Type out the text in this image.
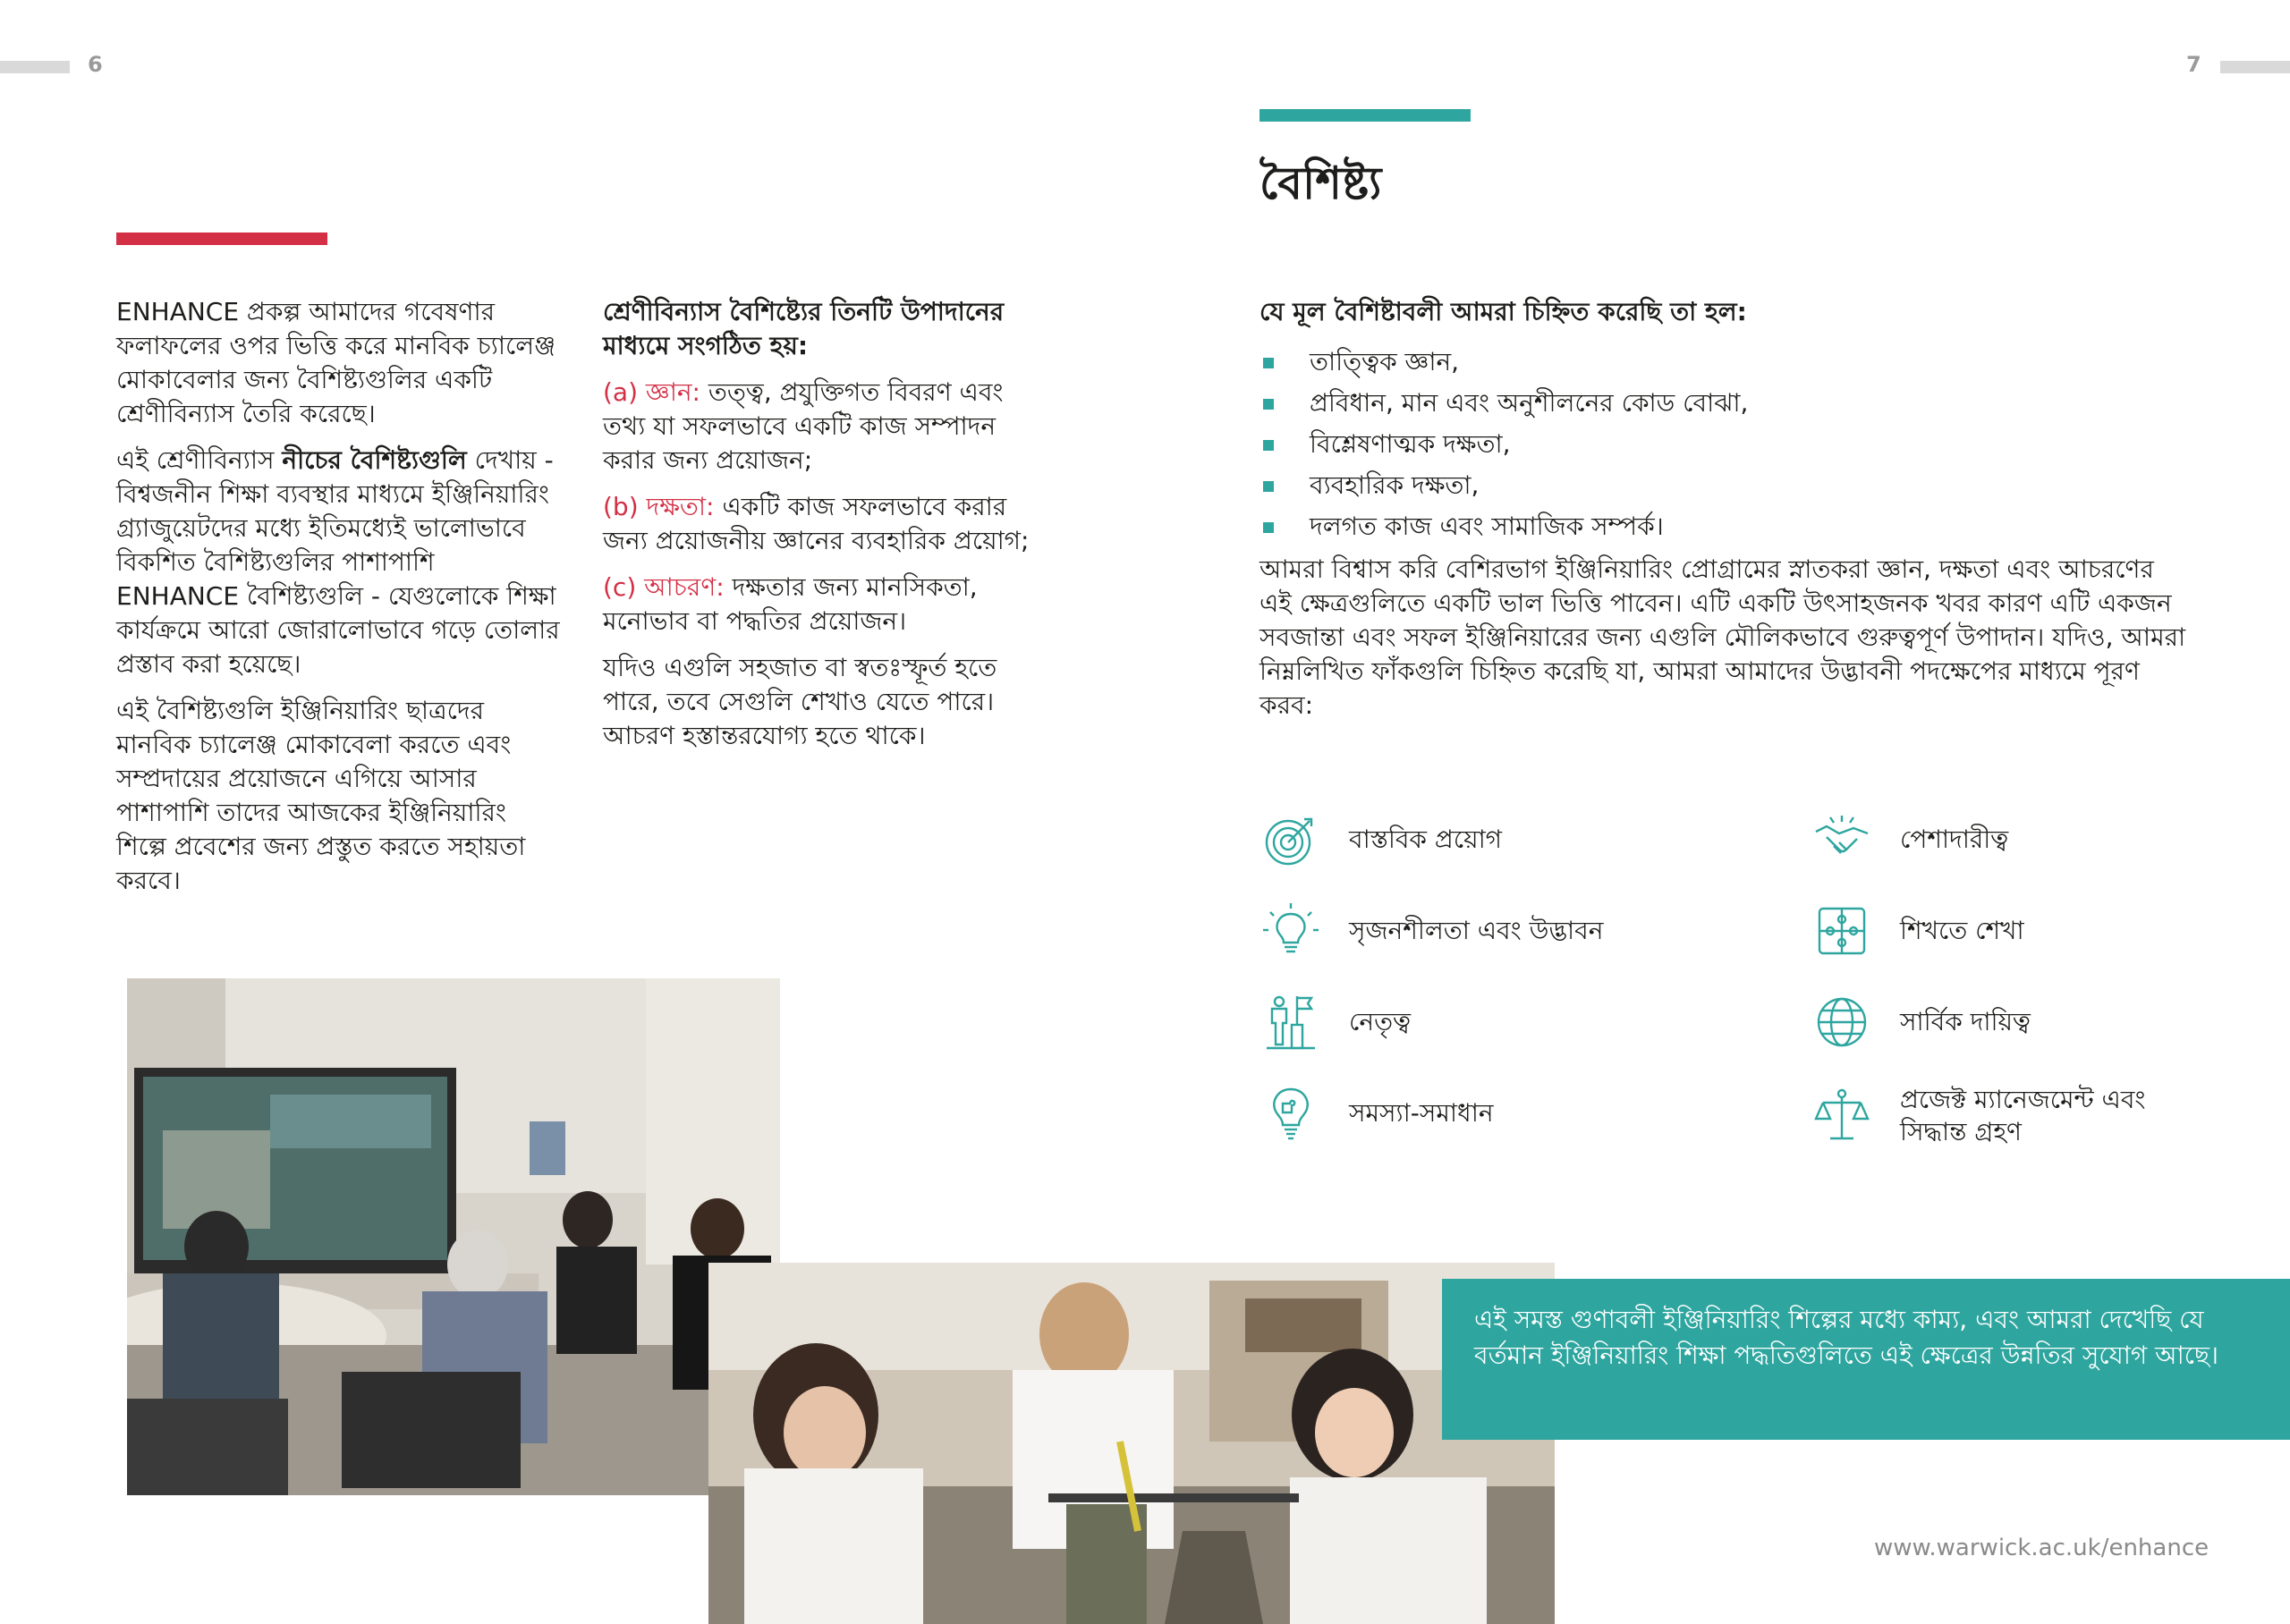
6	7

ENHANCE প্রকল্প আমাদের গবেষণার ফলাফলের ওপর ভিত্তি করে মানবিক চ্যালেঞ্জ মোকাবেলার জন্য বৈশিষ্ট্যগুলির একটি শ্রেণীবিন্যাস তৈরি করেছে।

এই শ্রেণীবিন্যাস নীচের বৈশিষ্ট্যগুলি দেখায় - বিশ্বজনীন শিক্ষা ব্যবস্থার মাধ্যমে ইঞ্জিনিয়ারিং গ্র্যাজুয়েটদের মধ্যে ইতিমধ্যেই ভালোভাবে বিকশিত বৈশিষ্ট্যগুলির পাশাপাশি ENHANCE বৈশিষ্ট্যগুলি - যেগুলোকে শিক্ষা কার্যক্রমে আরো জোরালোভাবে গড়ে তোলার প্রস্তাব করা হয়েছে।

এই বৈশিষ্ট্যগুলি ইঞ্জিনিয়ারিং ছাত্রদের মানবিক চ্যালেঞ্জ মোকাবেলা করতে এবং সম্প্রদায়ের প্রয়োজনে এগিয়ে আসার পাশাপাশি তাদের আজকের ইঞ্জিনিয়ারিং শিল্পে প্রবেশের জন্য প্রস্তুত করতে সহায়তা করবে।

শ্রেণীবিন্যাস বৈশিষ্ট্যের তিনটি উপাদানের মাধ্যমে সংগঠিত হয়:

(a) জ্ঞান: তত্ত্ব, প্রযুক্তিগত বিবরণ এবং তথ্য যা সফলভাবে একটি কাজ সম্পাদন করার জন্য প্রয়োজন;

(b) দক্ষতা: একটি কাজ সফলভাবে করার জন্য প্রয়োজনীয় জ্ঞানের ব্যবহারিক প্রয়োগ;

(c) আচরণ: দক্ষতার জন্য মানসিকতা, মনোভাব বা পদ্ধতির প্রয়োজন।

যদিও এগুলি সহজাত বা স্বতঃস্ফূর্ত হতে পারে, তবে সেগুলি শেখাও যেতে পারে। আচরণ হস্তান্তরযোগ্য হতে থাকে।

বৈশিষ্ট্য

যে মূল বৈশিষ্টাবলী আমরা চিহ্নিত করেছি তা হল:

তাত্ত্বিক জ্ঞান,
প্রবিধান, মান এবং অনুশীলনের কোড বোঝা,
বিশ্লেষণাত্মক দক্ষতা,
ব্যবহারিক দক্ষতা,
দলগত কাজ এবং সামাজিক সম্পর্ক।

আমরা বিশ্বাস করি বেশিরভাগ ইঞ্জিনিয়ারিং প্রোগ্রামের স্নাতকরা জ্ঞান, দক্ষতা এবং আচরণের এই ক্ষেত্রগুলিতে একটি ভাল ভিত্তি পাবেন। এটি একটি উৎসাহজনক খবর কারণ এটি একজন সবজান্তা এবং সফল ইঞ্জিনিয়ারের জন্য এগুলি মৌলিকভাবে গুরুত্বপূর্ণ উপাদান। যদিও, আমরা নিম্নলিখিত ফাঁকগুলি চিহ্নিত করেছি যা, আমরা আমাদের উদ্ভাবনী পদক্ষেপের মাধ্যমে পূরণ করব:

বাস্তবিক প্রয়োগ	পেশাদারীত্ব
সৃজনশীলতা এবং উদ্ভাবন	শিখতে শেখা
নেতৃত্ব	সার্বিক দায়িত্ব
সমস্যা-সমাধান	প্রজেক্ট ম্যানেজমেন্ট এবং সিদ্ধান্ত গ্রহণ
এই সমস্ত গুণাবলী ইঞ্জিনিয়ারিং শিল্পের মধ্যে কাম্য, এবং আমরা দেখেছি যে বর্তমান ইঞ্জিনিয়ারিং শিক্ষা পদ্ধতিগুলিতে এই ক্ষেত্রের উন্নতির সুযোগ আছে।
www.warwick.ac.uk/enhance
